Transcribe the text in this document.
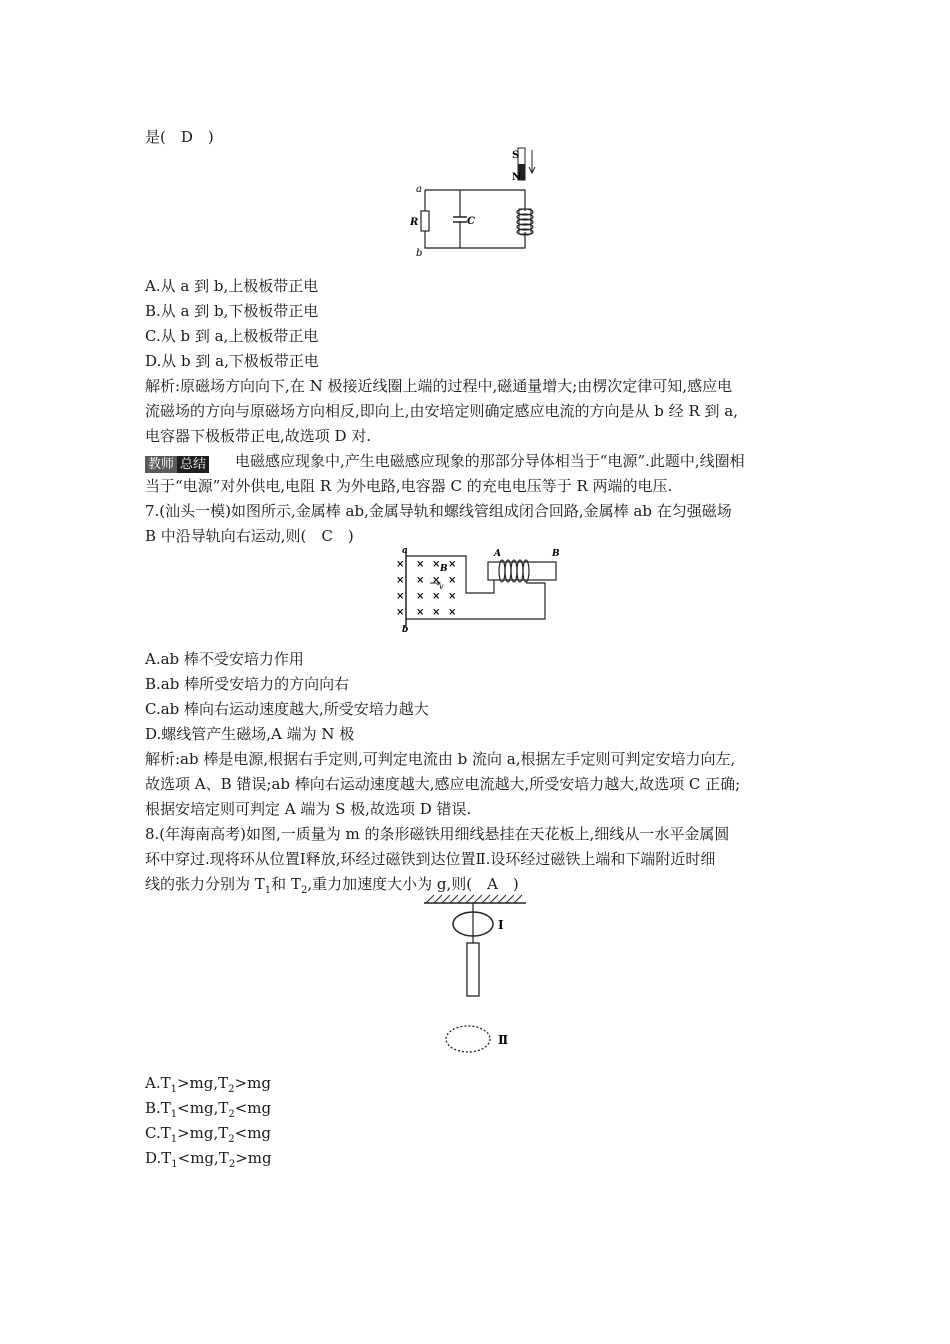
是(　D　)
S
N
R
a
b
C
A.从 a 到 b,上极板带正电
B.从 a 到 b,下极板带正电
C.从 b 到 a,上极板带正电
D.从 b 到 a,下极板带正电
解析:原磁场方向向下,在 N 极接近线圈上端的过程中,磁通量增大;由楞次定律可知,感应电
流磁场的方向与原磁场方向相反,即向上,由安培定则确定感应电流的方向是从 b 经 R 到 a,
电容器下极板带正电,故选项 D 对.
教师 总结 电磁感应现象中,产生电磁感应现象的那部分导体相当于“电源”.此题中,线圈相
当于“电源”对外供电,电阻 R 为外电路,电容器 C 的充电电压等于 R 两端的电压.
7.(汕头一模)如图所示,金属棒 ab,金属导轨和螺线管组成闭合回路,金属棒 ab 在匀强磁场
B 中沿导轨向右运动,则(　C　)
a
b
× × × ×
× × × ×
× × × ×
× × × ×
B
v
A	B
A.ab 棒不受安培力作用
B.ab 棒所受安培力的方向向右
C.ab 棒向右运动速度越大,所受安培力越大
D.螺线管产生磁场,A 端为 N 极
解析:ab 棒是电源,根据右手定则,可判定电流由 b 流向 a,根据左手定则可判定安培力向左,
故选项 A、B 错误;ab 棒向右运动速度越大,感应电流越大,所受安培力越大,故选项 C 正确;
根据安培定则可判定 A 端为 S 极,故选项 D 错误.
8.(年海南高考)如图,一质量为 m 的条形磁铁用细线悬挂在天花板上,细线从一水平金属圆
环中穿过.现将环从位置Ⅰ释放,环经过磁铁到达位置Ⅱ.设环经过磁铁上端和下端附近时细
线的张力分别为 $T_1$和 $T_2$,重力加速度大小为 g,则(　A　)
Ⅰ
Ⅱ
$A.T_1>mg,T_2>mg$
$B.T_1<mg,T_2<mg$
$C.T_1>mg,T_2<mg$
$D.T_1<mg,T_2>mg$
